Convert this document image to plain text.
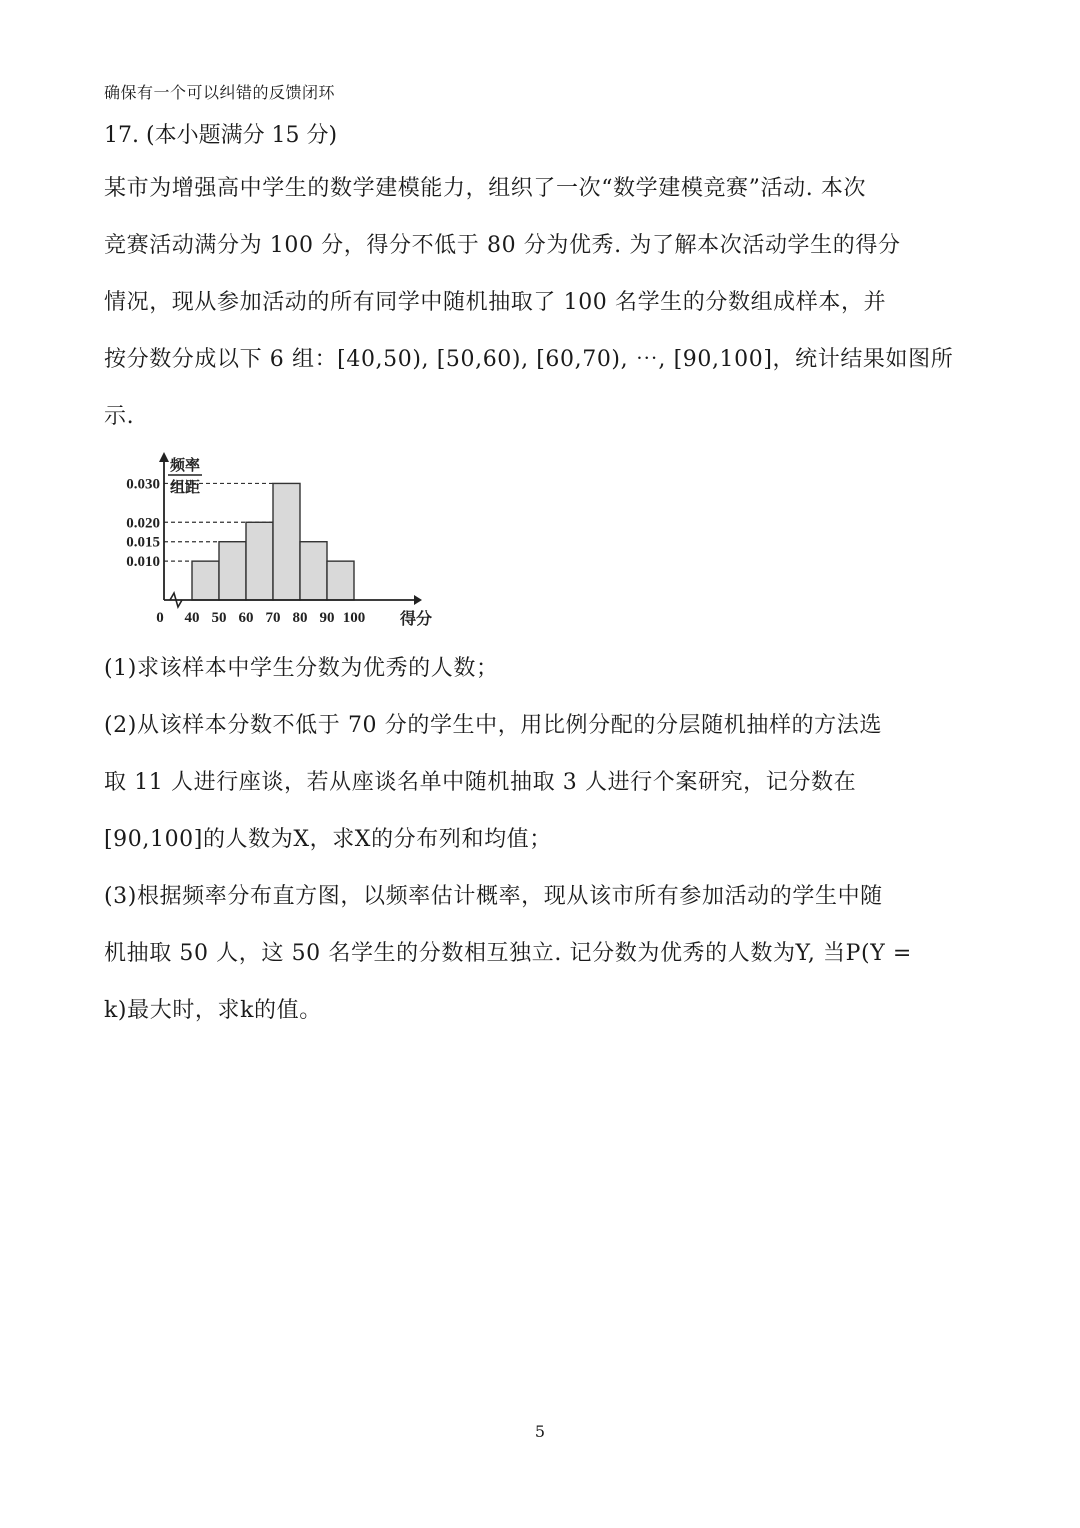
确保有一个可以纠错的反馈闭环
17. (本小题满分 15 分)
某市为增强高中学生的数学建模能力，组织了一次“数学建模竞赛”活动. 本次
竞赛活动满分为 100 分，得分不低于 80 分为优秀. 为了解本次活动学生的得分
情况，现从参加活动的所有同学中随机抽取了 100 名学生的分数组成样本，并
按分数分成以下 6 组：[40,50), [50,60), [60,70), ⋯, [90,100]，统计结果如图所
示.
0.030
0.020
0.015
0.010
频率
组距
40 50 60 70 80 90 100
0	得分
(1)求该样本中学生分数为优秀的人数；
(2)从该样本分数不低于 70 分的学生中，用比例分配的分层随机抽样的方法选
取 11 人进行座谈，若从座谈名单中随机抽取 3 人进行个案研究，记分数在
[90,100]的人数为X，求X的分布列和均值；
(3)根据频率分布直方图，以频率估计概率，现从该市所有参加活动的学生中随
机抽取 50 人，这 50 名学生的分数相互独立. 记分数为优秀的人数为Y, 当P(Y =
k)最大时，求k的值。
5
